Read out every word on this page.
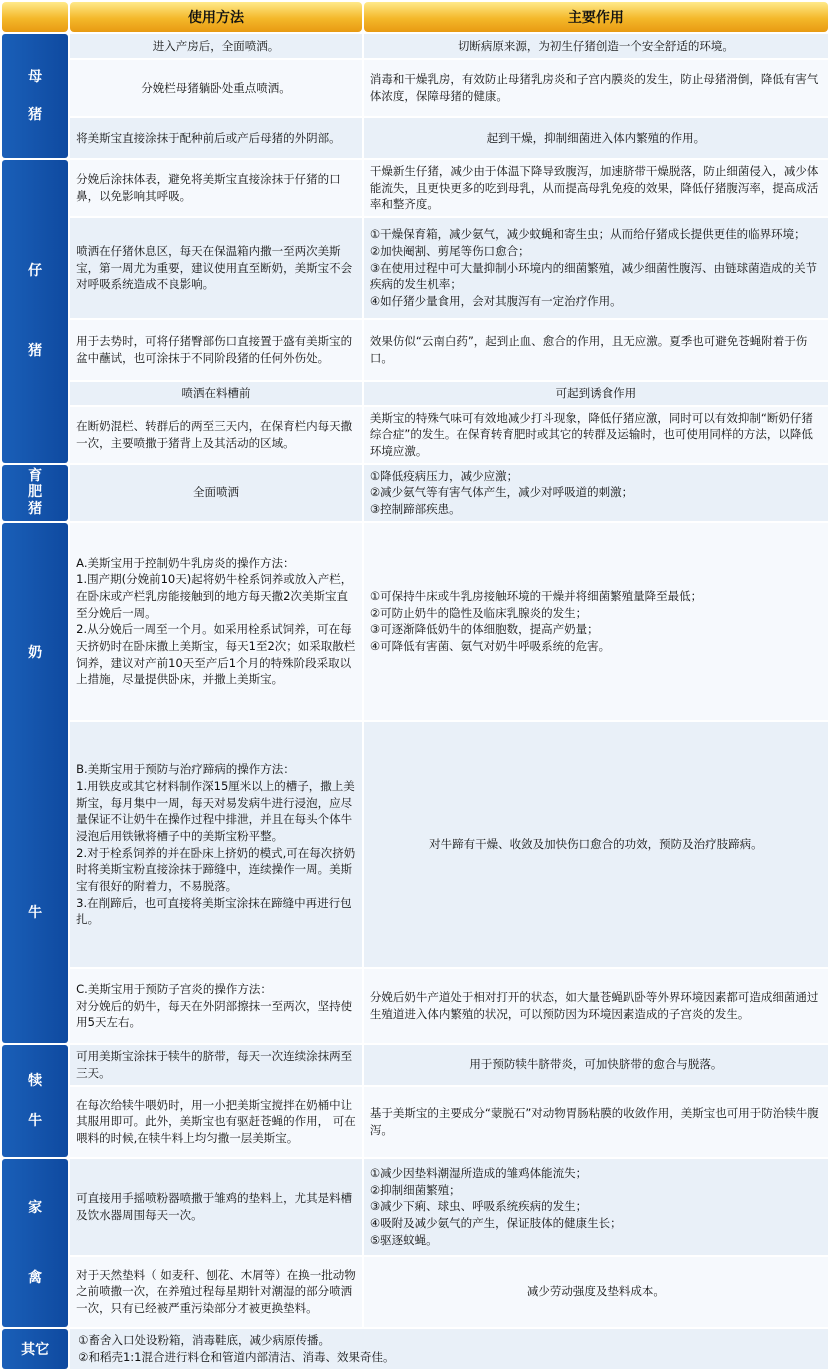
	使用方法	主要作用

母
猪	进入产房后，全面喷洒。	切断病原来源，为初生仔猪创造一个安全舒适的环境。
	分娩栏母猪躺卧处重点喷洒。	消毒和干燥乳房，有效防止母猪乳房炎和子宫内膜炎的发生，防止母猪滑倒，降低有害气体浓度，保障母猪的健康。
	将美斯宝直接涂抹于配种前后或产后母猪的外阴部。	起到干燥，抑制细菌进入体内繁殖的作用。

仔
猪	分娩后涂抹体表，避免将美斯宝直接涂抹于仔猪的口鼻，以免影响其呼吸。	干燥新生仔猪，减少由于体温下降导致腹泻，加速脐带干燥脱落，防止细菌侵入，减少体能流失，且更快更多的吃到母乳，从而提高母乳免疫的效果，降低仔猪腹泻率，提高成活率和整齐度。
	喷洒在仔猪休息区，每天在保温箱内撒一至两次美斯宝，第一周尤为重要，建议使用直至断奶，美斯宝不会对呼吸系统造成不良影响。	①干燥保育箱，减少氨气，减少蚊蝇和寄生虫；从而给仔猪成长提供更佳的临界环境；
②加快阉割、剪尾等伤口愈合；
③在使用过程中可大量抑制小环境内的细菌繁殖，减少细菌性腹泻、由链球菌造成的关节疾病的发生机率；
④如仔猪少量食用，会对其腹泻有一定治疗作用。

	用于去势时，可将仔猪臀部伤口直接置于盛有美斯宝的盆中蘸试，也可涂抹于不同阶段猪的任何外伤处。	效果仿似“云南白药”，起到止血、愈合的作用，且无应激。夏季也可避免苍蝇附着于伤口。
	喷洒在料槽前	可起到诱食作用
	在断奶混栏、转群后的两至三天内，在保育栏内每天撒一次，主要喷撒于猪背上及其活动的区域。	美斯宝的特殊气味可有效地减少打斗现象，降低仔猪应激，同时可以有效抑制“断奶仔猪综合症”的发生。在保育转育肥时或其它的转群及运输时，也可使用同样的方法，以降低环境应激。

育
肥
猪	全面喷洒	①降低疫病压力，减少应激；
②减少氨气等有害气体产生，减少对呼吸道的刺激；
③控制蹄部疾患。

奶
牛	A.美斯宝用于控制奶牛乳房炎的操作方法：
1.围产期(分娩前10天)起将奶牛栓系饲养或放入产栏，在卧床或产栏乳房能接触到的地方每天撒2次美斯宝直至分娩后一周。
2.从分娩后一周至一个月。如采用栓系试饲养，可在每天挤奶时在卧床撒上美斯宝，每天1至2次；如采取散栏饲养，建议对产前10天至产后1个月的特殊阶段采取以上措施，尽量提供卧床，并撒上美斯宝。	①可保持牛床或牛乳房接触环境的干燥并将细菌繁殖量降至最低；
②可防止奶牛的隐性及临床乳腺炎的发生；
③可逐渐降低奶牛的体细胞数，提高产奶量；
④可降低有害菌、氨气对奶牛呼吸系统的危害。

	B.美斯宝用于预防与治疗蹄病的操作方法：
1.用铁皮或其它材料制作深15厘米以上的槽子，撒上美斯宝，每月集中一周，每天对易发病牛进行浸泡，应尽量保证不让奶牛在操作过程中排泄，并且在每头个体牛浸泡后用铁锹将槽子中的美斯宝粉平整。
2.对于栓系饲养的并在卧床上挤奶的模式,可在每次挤奶时将美斯宝粉直接涂抹于蹄缝中，连续操作一周。美斯宝有很好的附着力，不易脱落。
3.在削蹄后，也可直接将美斯宝涂抹在蹄缝中再进行包扎。	对牛蹄有干燥、收敛及加快伤口愈合的功效，预防及治疗肢蹄病。

	C.美斯宝用于预防子宫炎的操作方法：
对分娩后的奶牛，每天在外阴部擦抹一至两次，坚持使用5天左右。	分娩后奶牛产道处于相对打开的状态，如大量苍蝇趴卧等外界环境因素都可造成细菌通过生殖道进入体内繁殖的状况，可以预防因为环境因素造成的子宫炎的发生。

犊
牛	可用美斯宝涂抹于犊牛的脐带，每天一次连续涂抹两至三天。	用于预防犊牛脐带炎，可加快脐带的愈合与脱落。
	在每次给犊牛喂奶时，用一小把美斯宝搅拌在奶桶中让其服用即可。此外，美斯宝也有驱赶苍蝇的作用， 可在喂料的时候,在犊牛料上均匀撒一层美斯宝。	基于美斯宝的主要成分“蒙脱石”对动物胃肠粘膜的收敛作用，美斯宝也可用于防治犊牛腹泻。

家
禽	可直接用手摇喷粉器喷撒于雏鸡的垫料上，尤其是料槽及饮水器周围每天一次。	①减少因垫料潮湿所造成的雏鸡体能流失；
②抑制细菌繁殖；
③减少下痢、球虫、呼吸系统疾病的发生；
④吸附及减少氨气的产生，保证肢体的健康生长；
⑤驱逐蚊蝇。

	对于天然垫料（ 如麦秆、刨花、木屑等）在换一批动物之前喷撒一次，在养殖过程每星期针对潮湿的部分喷洒一次，只有已经被严重污染部分才被更换垫料。	减少劳动强度及垫料成本。
其它	①畜舍入口处设粉箱，消毒鞋底，减少病原传播。
②和稻壳1:1混合进行料仓和管道内部清洁、消毒、效果奇佳。	
